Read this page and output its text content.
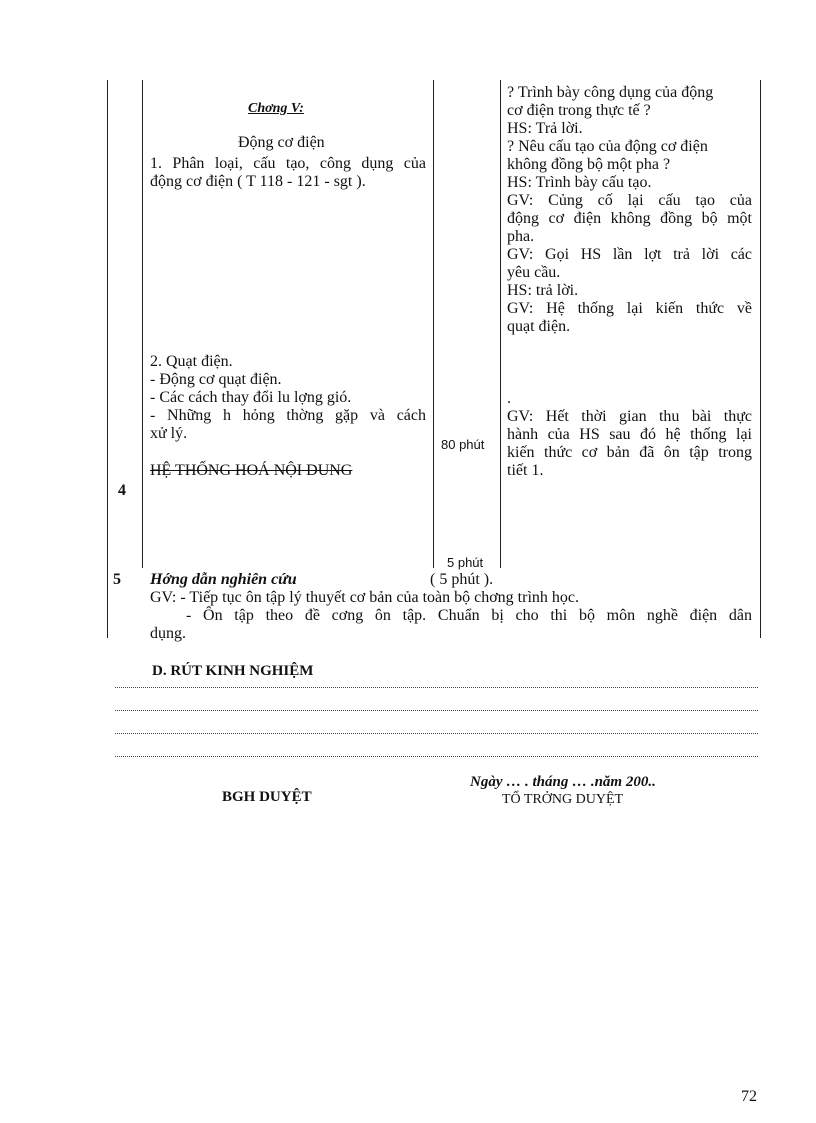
Chơng V:
Động cơ điện
1. Phân loại, cấu tạo, công dụng của
động cơ điện ( T 118 - 121 - sgt ).
2. Quạt điện.
- Động cơ quạt điện.
- Các cách thay đổi lu lợng gió.
- Những h hỏng thờng gặp và cách
xử lý.
HỆ THỐNG HOÁ NỘI DUNG
4
80 phút
5 phút
? Trình bày công dụng của động
cơ điện trong thực tế ?
HS: Trả lời.
? Nêu cấu tạo của động cơ điện
không đồng bộ một pha ?
HS: Trình bày cấu tạo.
GV: Củng cố lại cấu tạo của
động cơ điện không đồng bộ một
pha.
GV: Gọi HS lần lợt trả lời các
yêu cầu.
HS: trả lời.
GV: Hệ thống lại kiến thức về
quạt điện.
.
GV: Hết thời gian thu bài thực
hành của HS sau đó hệ thống lại
kiến thức cơ bản đã ôn tập trong
tiết 1.
5 Hớng dẫn nghiên cứu	( 5 phút ).
GV: - Tiếp tục ôn tập lý thuyết cơ bản của toàn bộ chơng trình học.
- Ôn tập theo đề cơng ôn tập. Chuẩn bị cho thi bộ môn nghề điện dân
dụng.
D. RÚT KINH NGHIỆM
BGH DUYỆT
Ngày … . tháng … .năm 200..
TỔ TRỞNG DUYỆT
72
